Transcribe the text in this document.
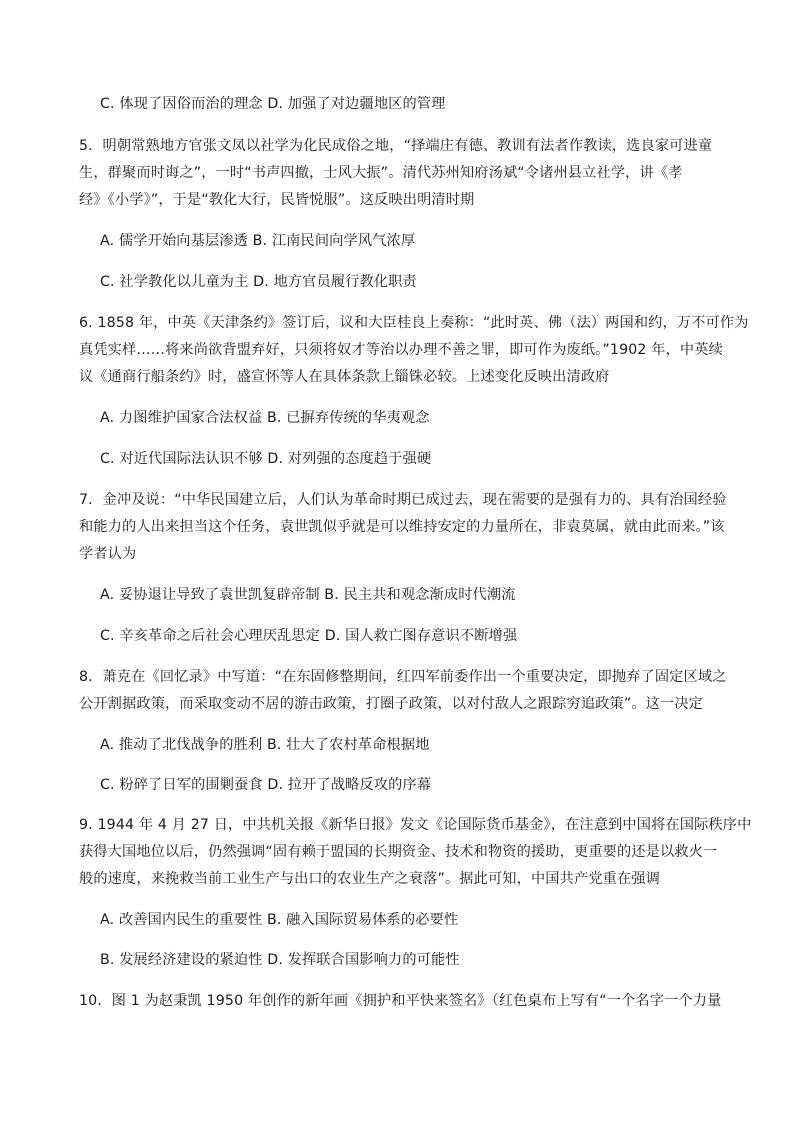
C. 体现了因俗而治的理念 D. 加强了对边疆地区的管理
5．明朝常熟地方官张文凤以社学为化民成俗之地，“择端庄有德、教训有法者作教读，选良家可进童
生，群聚而时诲之”，一时“书声四撤，士风大振”。清代苏州知府汤斌“令诸州县立社学，讲《孝
经》《小学》”，于是“教化大行，民皆悦服”。这反映出明清时期
A. 儒学开始向基层渗透 B. 江南民间向学风气浓厚
C. 社学教化以儿童为主 D. 地方官员履行教化职责
6. 1858 年，中英《天津条约》签订后，议和大臣桂良上奏称：“此时英、佛（法）两国和约，万不可作为
真凭实样……将来尚欲背盟弃好，只须将奴才等治以办理不善之罪，即可作为废纸。”1902 年，中英续
议《通商行船条约》时，盛宣怀等人在具体条款上锱铢必较。上述变化反映出清政府
A. 力图维护国家合法权益 B. 已摒弃传统的华夷观念
C. 对近代国际法认识不够 D. 对列强的态度趋于强硬
7．金冲及说：“中华民国建立后，人们认为革命时期已成过去，现在需要的是强有力的、具有治国经验
和能力的人出来担当这个任务，袁世凯似乎就是可以维持安定的力量所在，非袁莫属，就由此而来。”该
学者认为
A. 妥协退让导致了袁世凯复辟帝制 B. 民主共和观念渐成时代潮流
C. 辛亥革命之后社会心理厌乱思定 D. 国人救亡图存意识不断增强
8．萧克在《回忆录》中写道：“在东固修整期间，红四军前委作出一个重要决定，即抛弃了固定区域之
公开割据政策，而采取变动不居的游击政策，打圈子政策，以对付敌人之跟踪穷追政策”。这一决定
A. 推动了北伐战争的胜利 B. 壮大了农村革命根据地
C. 粉碎了日军的围剿蚕食 D. 拉开了战略反攻的序幕
9. 1944 年 4 月 27 日，中共机关报《新华日报》发文《论国际货币基金》，在注意到中国将在国际秩序中
获得大国地位以后，仍然强调“固有赖于盟国的长期资金、技术和物资的援助，更重要的还是以救火一
般的速度，来挽救当前工业生产与出口的农业生产之衰落”。据此可知，中国共产党重在强调
A. 改善国内民生的重要性 B. 融入国际贸易体系的必要性
B. 发展经济建设的紧迫性 D. 发挥联合国影响力的可能性
10．图 1 为赵秉凯 1950 年创作的新年画《拥护和平快来签名》（红色桌布上写有“一个名字一个力量
